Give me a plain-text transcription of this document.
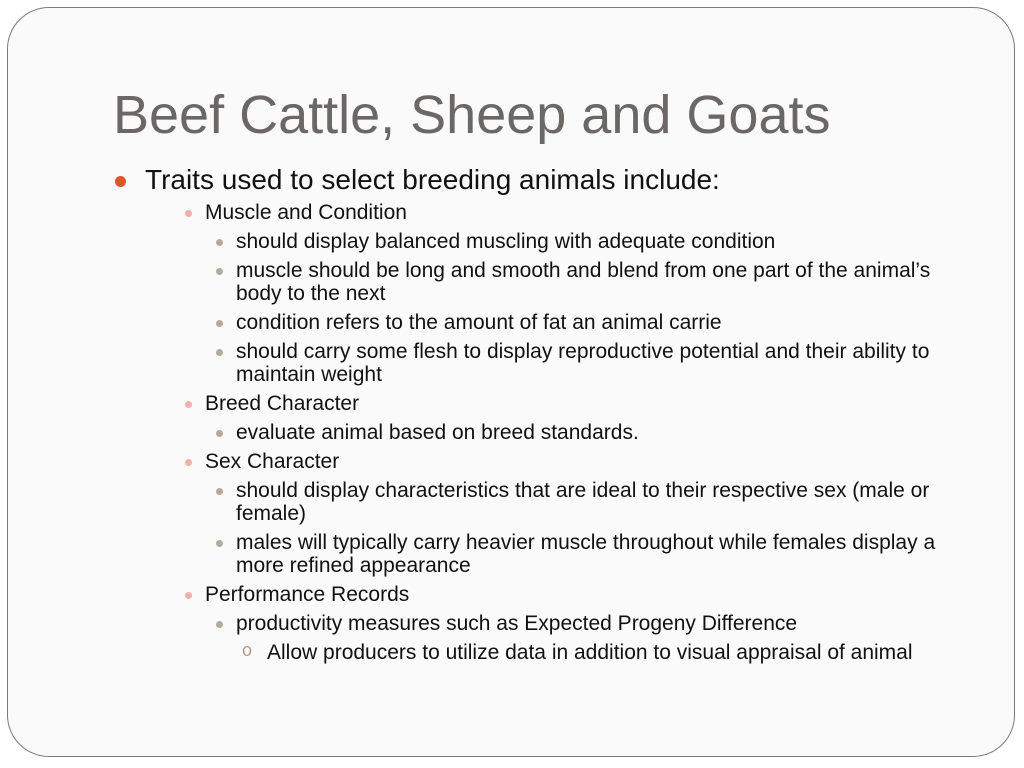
Beef Cattle, Sheep and Goats

Traits used to select breeding animals include:

Muscle and Condition

should display balanced muscling with adequate condition

muscle should be long and smooth and blend from one part of the animal’s body to the next

condition refers to the amount of fat an animal carrie

should carry some flesh to display reproductive potential and their ability to maintain weight

Breed Character

evaluate animal based on breed standards.

Sex Character

should display characteristics that are ideal to their respective sex (male or female)

males will typically carry heavier muscle throughout while females display a more refined appearance

Performance Records

productivity measures such as Expected Progeny Difference

o Allow producers to utilize data in addition to visual appraisal of animal
